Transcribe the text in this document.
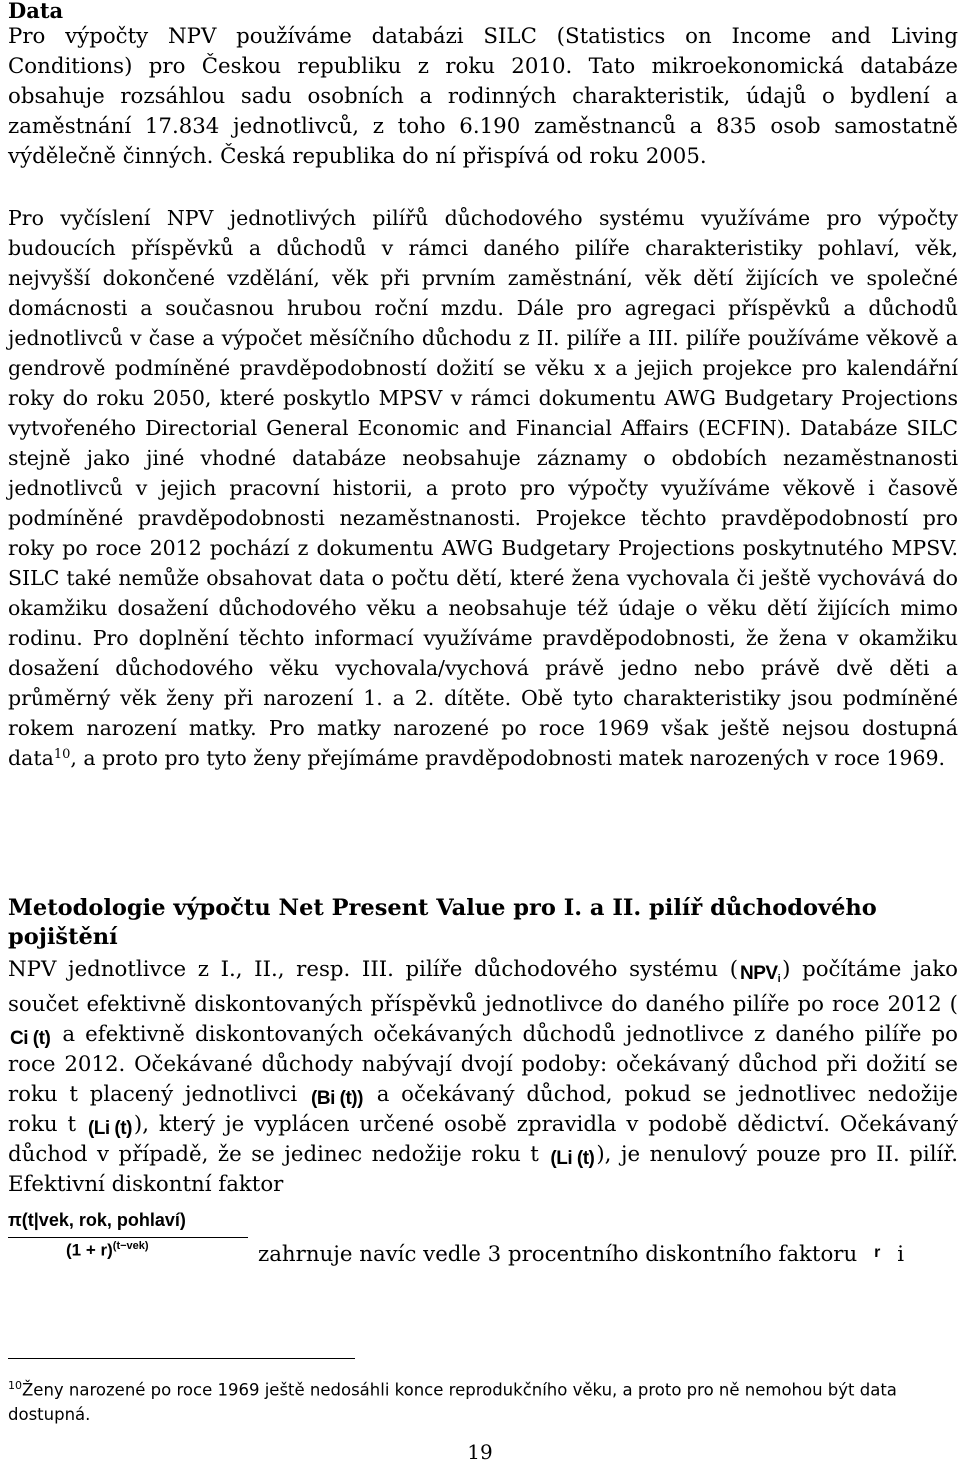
Data

Pro výpočty NPV používáme databázi SILC (Statistics on Income and Living Conditions) pro Českou republiku z roku 2010. Tato mikroekonomická databáze obsahuje rozsáhlou sadu osobních a rodinných charakteristik, údajů o bydlení a zaměstnání 17.834 jednotlivců, z toho 6.190 zaměstnanců a 835 osob samostatně výdělečně činných. Česká republika do ní přispívá od roku 2005.

Pro vyčíslení NPV jednotlivých pilířů důchodového systému využíváme pro výpočty budoucích příspěvků a důchodů v rámci daného pilíře charakteristiky pohlaví, věk, nejvyšší dokončené vzdělání, věk při prvním zaměstnání, věk dětí žijících ve společné domácnosti a současnou hrubou roční mzdu. Dále pro agregaci příspěvků a důchodů jednotlivců v čase a výpočet měsíčního důchodu z II. pilíře a III. pilíře používáme věkově a gendrově podmíněné pravděpodobností dožití se věku x a jejich projekce pro kalendářní roky do roku 2050, které poskytlo MPSV v rámci dokumentu AWG Budgetary Projections vytvořeného Directorial General Economic and Financial Affairs (ECFIN). Databáze SILC stejně jako jiné vhodné databáze neobsahuje záznamy o obdobích nezaměstnanosti jednotlivců v jejich pracovní historii, a proto pro výpočty využíváme věkově i časově podmíněné pravděpodobnosti nezaměstnanosti. Projekce těchto pravděpodobností pro roky po roce 2012 pochází z dokumentu AWG Budgetary Projections poskytnutého MPSV. SILC také nemůže obsahovat data o počtu dětí, které žena vychovala či ještě vychovává do okamžiku dosažení důchodového věku a neobsahuje též údaje o věku dětí žijících mimo rodinu. Pro doplnění těchto informací využíváme pravděpodobnosti, že žena v okamžiku dosažení důchodového věku vychovala/vychová právě jedno nebo právě dvě děti a průměrný věk ženy při narození 1. a 2. dítěte. Obě tyto charakteristiky jsou podmíněné rokem narození matky. Pro matky narozené po roce 1969 však ještě nejsou dostupná data$^{10}$, a proto pro tyto ženy přejímáme pravděpodobnosti matek narozených v roce 1969.

Metodologie výpočtu Net Present Value pro I. a II. pilíř důchodového pojištění

NPV jednotlivce z I., II., resp. III. pilíře důchodového systému ( $NPV_i$) počítáme jako součet efektivně diskontovaných příspěvků jednotlivce do daného pilíře po roce 2012 (Ci (t) a efektivně diskontovaných očekávaných důchodů jednotlivce z daného pilíře po roce 2012. Očekávané důchody nabývají dvojí podoby: očekávaný důchod při dožití se roku t placený jednotlivci (Bi (t)) a očekávaný důchod, pokud se jednotlivec nedožije roku t (Li (t)), který je vyplácen určené osobě zpravidla v podobě dědictví. Očekávaný důchod v případě, že se jedinec nedožije roku t (Li (t)), je nenulový pouze pro II. pilíř. Efektivní diskontní faktor

π(t|vek, rok, pohlaví)
$(1 + r)^{(t-vek)}$	zahrnuje navíc vedle 3 procentního diskontního faktoru r i

$^{10}$Ženy narozené po roce 1969 ještě nedosáhli konce reprodukčního věku, a proto pro ně nemohou být data dostupná.

19
